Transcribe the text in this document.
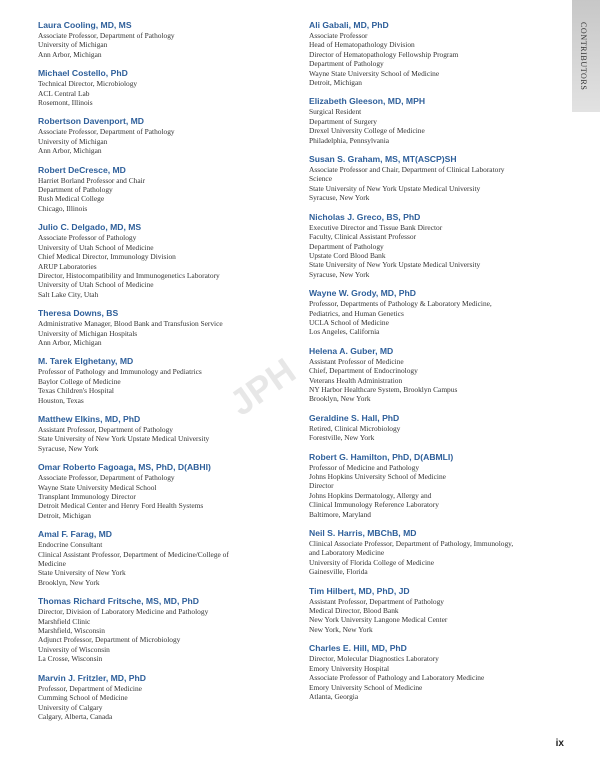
CONTRIBUTORS
JPH
Laura Cooling, MD, MS
Associate Professor, Department of Pathology
University of Michigan
Ann Arbor, Michigan
Michael Costello, PhD
Technical Director, Microbiology
ACL Central Lab
Rosemont, Illinois
Robertson Davenport, MD
Associate Professor, Department of Pathology
University of Michigan
Ann Arbor, Michigan
Robert DeCresce, MD
Harriet Borland Professor and Chair
Department of Pathology
Rush Medical College
Chicago, Illinois
Julio C. Delgado, MD, MS
Associate Professor of Pathology
University of Utah School of Medicine
Chief Medical Director, Immunology Division
ARUP Laboratories
Director, Histocompatibility and Immunogenetics Laboratory
University of Utah School of Medicine
Salt Lake City, Utah
Theresa Downs, BS
Administrative Manager, Blood Bank and Transfusion Service
University of Michigan Hospitals
Ann Arbor, Michigan
M. Tarek Elghetany, MD
Professor of Pathology and Immunology and Pediatrics
Baylor College of Medicine
Texas Children's Hospital
Houston, Texas
Matthew Elkins, MD, PhD
Assistant Professor, Department of Pathology
State University of New York Upstate Medical University
Syracuse, New York
Omar Roberto Fagoaga, MS, PhD, D(ABHI)
Associate Professor, Department of Pathology
Wayne State University Medical School
Transplant Immunology Director
Detroit Medical Center and Henry Ford Health Systems
Detroit, Michigan
Amal F. Farag, MD
Endocrine Consultant
Clinical Assistant Professor, Department of Medicine/College of
Medicine
State University of New York
Brooklyn, New York
Thomas Richard Fritsche, MS, MD, PhD
Director, Division of Laboratory Medicine and Pathology
Marshfield Clinic
Marshfield, Wisconsin
Adjunct Professor, Department of Microbiology
University of Wisconsin
La Crosse, Wisconsin
Marvin J. Fritzler, MD, PhD
Professor, Department of Medicine
Cumming School of Medicine
University of Calgary
Calgary, Alberta, Canada
Ali Gabali, MD, PhD
Associate Professor
Head of Hematopathology Division
Director of Hematopathology Fellowship Program
Department of Pathology
Wayne State University School of Medicine
Detroit, Michigan
Elizabeth Gleeson, MD, MPH
Surgical Resident
Department of Surgery
Drexel University College of Medicine
Philadelphia, Pennsylvania
Susan S. Graham, MS, MT(ASCP)SH
Associate Professor and Chair, Department of Clinical Laboratory
Science
State University of New York Upstate Medical University
Syracuse, New York
Nicholas J. Greco, BS, PhD
Executive Director and Tissue Bank Director
Faculty, Clinical Assistant Professor
Department of Pathology
Upstate Cord Blood Bank
State University of New York Upstate Medical University
Syracuse, New York
Wayne W. Grody, MD, PhD
Professor, Departments of Pathology & Laboratory Medicine,
Pediatrics, and Human Genetics
UCLA School of Medicine
Los Angeles, California
Helena A. Guber, MD
Assistant Professor of Medicine
Chief, Department of Endocrinology
Veterans Health Administration
NY Harbor Healthcare System, Brooklyn Campus
Brooklyn, New York
Geraldine S. Hall, PhD
Retired, Clinical Microbiology
Forestville, New York
Robert G. Hamilton, PhD, D(ABMLI)
Professor of Medicine and Pathology
Johns Hopkins University School of Medicine
Director
Johns Hopkins Dermatology, Allergy and
Clinical Immunology Reference Laboratory
Baltimore, Maryland
Neil S. Harris, MBChB, MD
Clinical Associate Professor, Department of Pathology, Immunology,
and Laboratory Medicine
University of Florida College of Medicine
Gainesville, Florida
Tim Hilbert, MD, PhD, JD
Assistant Professor, Department of Pathology
Medical Director, Blood Bank
New York University Langone Medical Center
New York, New York
Charles E. Hill, MD, PhD
Director, Molecular Diagnostics Laboratory
Emory University Hospital
Associate Professor of Pathology and Laboratory Medicine
Emory University School of Medicine
Atlanta, Georgia
ix
